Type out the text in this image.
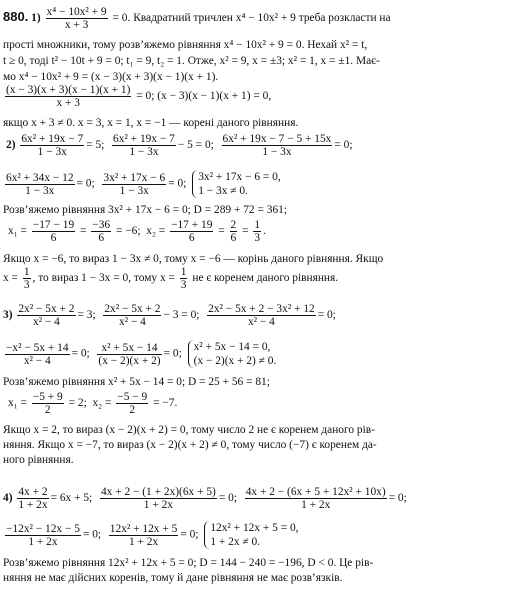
880. $1) \frac{\text{x⁴ − 10x² + 9}}{x + 3} = 0$. Квадратний тричлен x⁴ − 10x² + 9 треба розкласти на
прості множники, тому розв’яжемо рівняння x⁴ − 10x² + 9 = 0. Нехай x² = t,
t ≥ 0, тоді t² − 10t + 9 = 0; t₁ = 9, t₂ = 1. Отже, x² = 9, x = ±3; x² = 1, x = ±1. Має-
мо x⁴ − 10x² + 9 = (x − 3)(x + 3)(x − 1)(x + 1).
$\frac{(x - 3)(x + 3)(x - 1)(x + 1)}{x + 3} = 0$; (x − 3)(x − 1)(x + 1) = 0,
якщо x + 3 ≠ 0. x = 3, x = 1, x = −1 — корені даного рівняння.
$2) \frac{\text{6x² + 19x − 7}}{1 - 3x} = 5$; $\frac{\text{6x² + 19x − 7}}{1 - 3x} - 5 = 0$; $\frac{\text{6x² + 19x − 7 − 5 + 15x}}{1 - 3x} = 0$;
$\frac{\text{6x² + 34x − 12}}{1 - 3x} = 0$; $\frac{\text{3x² + 17x − 6}}{1 - 3x} = 0$;
3x² + 17x − 6 = 0,
1 − 3x ≠ 0.
Розв’яжемо рівняння 3x² + 17x − 6 = 0; D = 289 + 72 = 361;
$x_1 = \frac{-17 - 19}{6} = \frac{-36}{6} = -6$; $x_2 = \frac{-17 + 19}{6} = \frac{2}{6} = \frac{1}{3}$ .
Якщо x = −6, то вираз 1 − 3x ≠ 0, тому x = −6 — корінь даного рівняння. Якщо
$x = \frac{1}{3}$ , то вираз 1 − 3x = 0, тому $x = \frac{1}{3}$ не є коренем даного рівняння.
$3) \frac{\text{2x² − 5x + 2}}{\text{x² − 4}} = 3$; $\frac{\text{2x² − 5x + 2}}{\text{x² − 4}} - 3 = 0$; $\frac{\text{2x² − 5x + 2 − 3x² + 12}}{\text{x² − 4}} = 0$;
$\frac{\text{−x² − 5x + 14}}{\text{x² − 4}} = 0$; $\frac{\text{x² + 5x − 14}}{(x - 2)(x + 2)} = 0$;
x² + 5x − 14 = 0,
(x − 2)(x + 2) ≠ 0.
Розв’яжемо рівняння x² + 5x − 14 = 0; D = 25 + 56 = 81;
$x_1 = \frac{-5 + 9}{2} = 2$; $x_2 = \frac{-5 - 9}{2} = -7$.
Якщо x = 2, то вираз (x − 2)(x + 2) = 0, тому число 2 не є коренем даного рів-
няння. Якщо x = −7, то вираз (x − 2)(x + 2) ≠ 0, тому число (−7) є коренем да-
ного рівняння.
$4) \frac{4x + 2}{1 + 2x} = 6x + 5$; $\frac{4x + 2 - (1 + 2x)(6x + 5)}{1 + 2x} = 0$; $\frac{\text{4x + 2 − (6x + 5 + 12x² + 10x)}}{1 + 2x} = 0$;
$\frac{\text{−12x² − 12x − 5}}{1 + 2x} = 0$; $\frac{\text{12x² + 12x + 5}}{1 + 2x} = 0$;
12x² + 12x + 5 = 0,
1 + 2x ≠ 0.
Розв’яжемо рівняння 12x² + 12x + 5 = 0; D = 144 − 240 = −196, D < 0. Це рів-
няння не має дійсних коренів, тому й дане рівняння не має розв’язків.
